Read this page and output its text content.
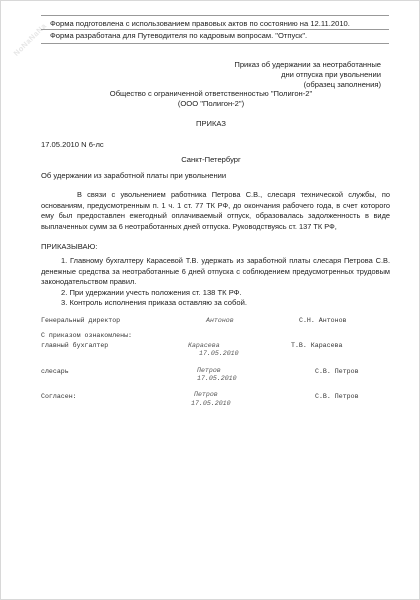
NoNaNaNa Форма подготовлена с использованием правовых актов по состоянию на 12.11.2010.
Форма разработана для Путеводителя по кадровым вопросам. "Отпуск".
Приказ об удержании за неотработанные
дни отпуска при увольнении
(образец заполнения)
Общество с ограниченной ответственностью "Полигон-2"
(ООО "Полигон-2")
ПРИКАЗ
17.05.2010 N 6-лс
Санкт-Петербург
Об удержании из заработной платы при увольнении
В связи с увольнением работника Петрова С.В., слесаря технической службы, по основаниям, предусмотренным п. 1 ч. 1 ст. 77 ТК РФ, до окончания рабочего года, в счет которого ему был предоставлен ежегодный оплачиваемый отпуск, образовалась задолженность в виде выплаченных сумм за 6 неотработанных дней отпуска. Руководствуясь ст. 137 ТК РФ,
ПРИКАЗЫВАЮ:
1. Главному бухгалтеру Карасевой Т.В. удержать из заработной платы слесаря Петрова С.В. денежные средства за неотработанные 6 дней отпуска с соблюдением предусмотренных трудовым законодательством правил.
2. При удержании учесть положения ст. 138 ТК РФ.
3. Контроль исполнения приказа оставляю за собой.
Генеральный директор	Антонов	С.Н. Антонов
С приказом ознакомлены:
главный бухгалтер	Карасева	Т.В. Карасева
17.05.2010
слесарь	Петров	С.В. Петров
17.05.2010
Согласен:	Петров	С.В. Петров
17.05.2010
